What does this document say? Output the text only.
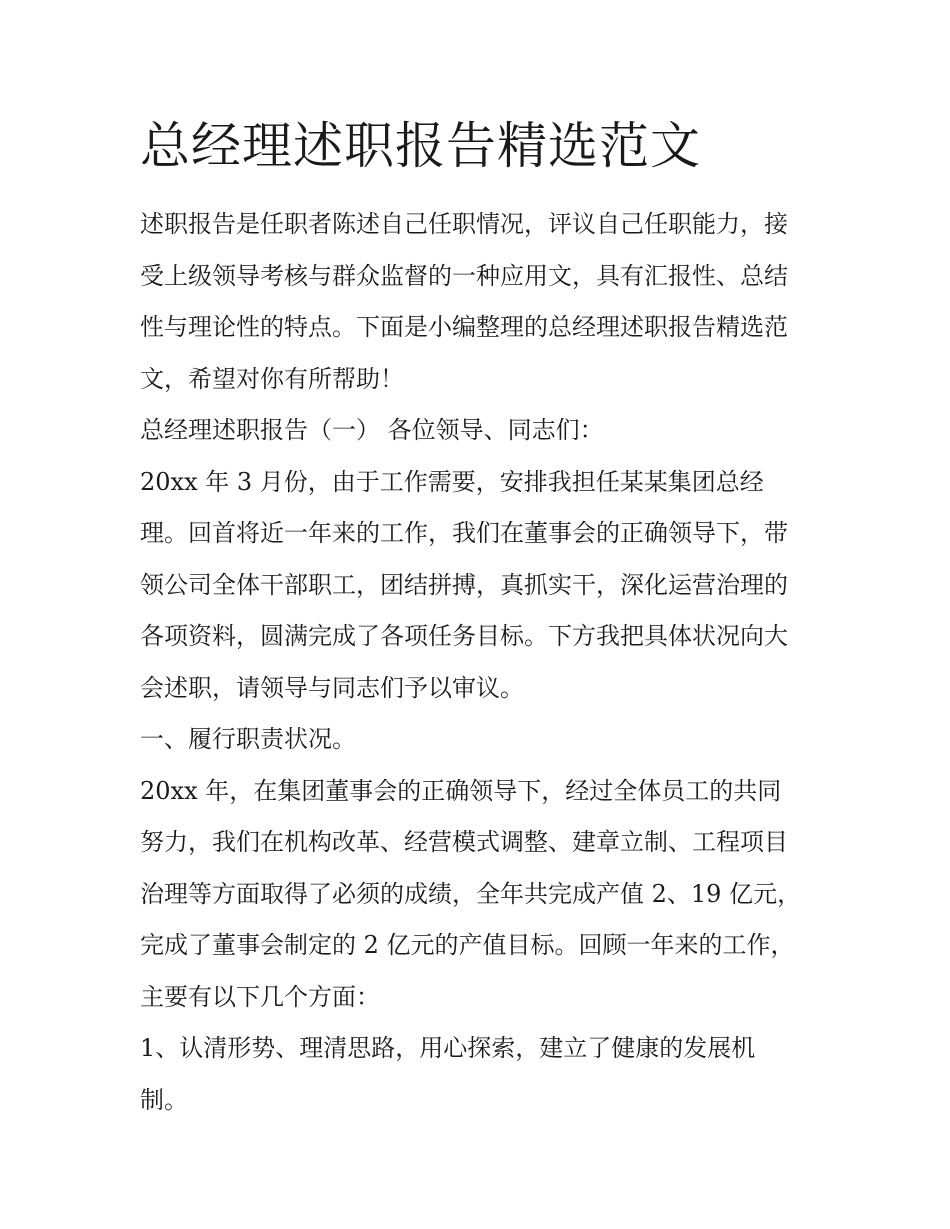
总经理述职报告精选范文
述职报告是任职者陈述自己任职情况，评议自己任职能力，接
受上级领导考核与群众监督的一种应用文，具有汇报性、总结
性与理论性的特点。下面是小编整理的总经理述职报告精选范
文，希望对你有所帮助！
总经理述职报告（一） 各位领导、同志们：
20xx 年 3 月份，由于工作需要，安排我担任某某集团总经
理。回首将近一年来的工作，我们在董事会的正确领导下，带
领公司全体干部职工，团结拼搏，真抓实干，深化运营治理的
各项资料，圆满完成了各项任务目标。下方我把具体状况向大
会述职，请领导与同志们予以审议。
一、履行职责状况。
20xx 年，在集团董事会的正确领导下，经过全体员工的共同
努力，我们在机构改革、经营模式调整、建章立制、工程项目
治理等方面取得了必须的成绩，全年共完成产值 2、19 亿元，
完成了董事会制定的 2 亿元的产值目标。回顾一年来的工作，
主要有以下几个方面：
1、认清形势、理清思路，用心探索，建立了健康的发展机
制。
